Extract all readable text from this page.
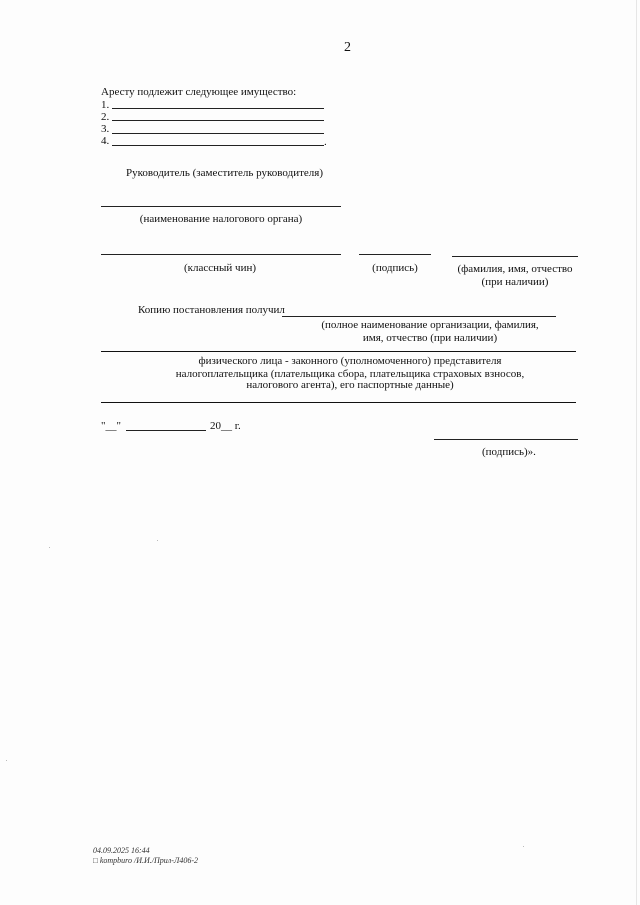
2
Аресту подлежит следующее имущество:
1.
2.
3.
4.	.
Руководитель (заместитель руководителя)
(наименование налогового органа)
(классный чин)	(подпись)	(фамилия, имя, отчество
(при наличии)
Копию постановления получил
(полное наименование организации, фамилия,
имя, отчество (при наличии)
физического лица - законного (уполномоченного) представителя
налогоплательщика (плательщика сбора, плательщика страховых взносов,
налогового агента), его паспортные данные)
"__"	20__ г.
(подпись)».
04.09.2025 16:44
□ kompburo /И.И./Прил-Л406-2
